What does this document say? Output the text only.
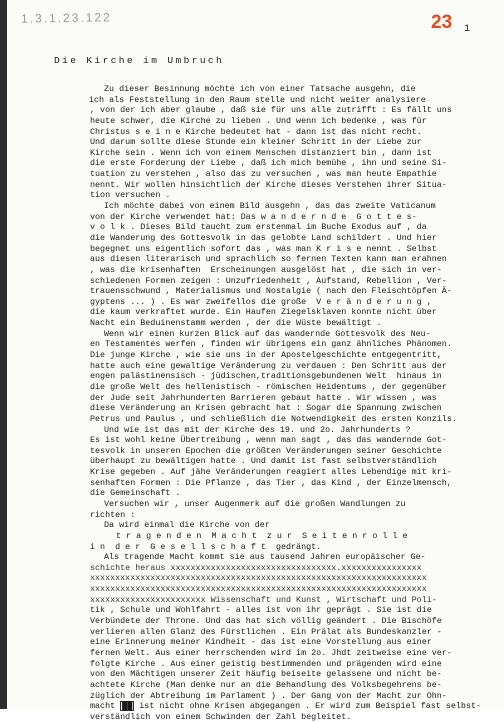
1.3.1.23.122	23 1
Die Kirche im Umbruch
Zu dieser Besinnung möchte ich von einer Tatsache ausgehn, die
ich als Feststellung in den Raum stelle und nicht weiter analysiere
, von der ich aber glaube , daß sie für uns alle zutrifft : Es fällt uns
heute schwer, die Kirche zu lieben . Und wenn ich bedenke , was für
Christus s e i n e Kirche bedeutet hat - dann ist das nicht recht.
Und darum sollte diese Stunde ein kleiner Schritt in der Liebe zur
Kirche sein . Wenn ich von einem Menschen distanziert bin , dann ist
die erste Forderung der Liebe , daß ich mich bemühe , ihn und seine Si-
tuation zu verstehen , also das zu versuchen , was man heute Empathie
nennt. Wir wollen hinsichtlich der Kirche dieses Verstehen ihrer Situa-
tion versuchen .
Ich möchte dabei von einem Bild ausgehn , das das zweite Vaticanum
von der Kirche verwendet hat: Das w a n d e r n d e  G o t t e s-
v o l k . Dieses Bild taucht zum erstenmal im Buche Exodus auf , da
die Wanderung des Gottesvolk in das gelobte Land schildert . Und hier
begegnet uns eigentlich sofort das , was man K r i s e nennt . Selbst
aus diesen literarisch und sprachlich so fernen Texten kann man erahnen
, was die krisenhaften  Erscheinungen ausgelöst hat , die sich in ver-
schiedenen Formen zeigen : Unzufriedenheit , Aufstand, Rebellion , Ver-
trauensschwund , Materialismus und Nostalgie ( nach den Fleischtöpfen Ä-
gyptens ... ) . Es war zweifellos die große  V e r ä n d e r u n g ,
die kaum verkraftet wurde. Ein Haufen Ziegelsklaven konnte nicht über
Nacht ein Beduinenstamm werden , der die Wüste bewältigt .
Wenn wir einen kurzen Blick auf das wandernde Gottesvolk des Neu-
en Testamentes werfen , finden wir übrigens ein ganz ähnliches Phänomen.
Die junge Kirche , wie sie uns in der Apostelgeschichte entgegentritt,
hatte auch eine gewaltige Veränderung zu verdauen : Den Schritt aus der
engen palästinensisch - jüdischen,traditionsgebundenen Welt  hinaus in
die große Welt des hellenistisch - römischen Heidentums , der gegenüber
der Jude seit Jahrhunderten Barrieren gebaut hatte . Wir wissen , was
diese Veränderung an Krisen gebracht hat : Sogar die Spannung zwischen
Petrus und Paulus , und schließlich die Notwendigkeit des ersten Konzils.
Und wie ist das mit der Kirche des 19. und 2o. Jahrhunderts ?
Es ist wohl keine Übertreibung , wenn man sagt , das das wandernde Got-
tesvolk in unseren Epochen die größten Veränderungen seiner Geschichte
überhaupt zu bewältigen hatte . Und damit ist fast selbstverständlich
Krise gegeben . Auf jähe Veränderungen reagiert alles Lebendige mit kri-
senhaften Formen : Die Pflanze , das Tier , das Kind , der Einzelmensch,
die Gemeinschaft .
Versuchen wir , unser Augenmerk auf die großen Wandlungen zu
richten :
Da wird einmal die Kirche von der
t r a g e n d e n  M a c h t  z u r  S e i t e n r o l l e
i n  d e r  G e s e l l s c h a f t  gedrängt.
Als tragende Macht kommt sie aus tausend Jahren europäischer Ge-
schichte heraus xxxxxxxxxxxxxxxxxxxxxxxxxxxxxxxxx.xxxxxxxxxxxxxxxx
xxxxxxxxxxxxxxxxxxxxxxxxxxxxxxxxxxxxxxxxxxxxxxxxxxxxxxxxxxxxxxxxxxx
xxxxxxxxxxxxxxxxxxxxxxxxxxxxxxxxxxxxxxxxxxxxxxxxxxxxxxxxxxxxxxxxxxx
xxxxxxxxxxxxxxxxxxxxxxx Wissenschaft und Kunst , Wirtschaft und Poli-
tik , Schule und Wohlfahrt - alles ist von ihr geprägt . Sie ist die
Verbündete der Throne. Und das hat sich völlig geändert . Die Bischöfe
verlieren allen Glanz des Fürstlichen . Ein Prälat als Bundeskanzler -
eine Erinnerung meiner Kindheit - das ist eine Vorstellung aus einer
fernen Welt. Aus einer herrschenden wird im 2o. Jhdt zeitweise eine ver-
folgte Kirche . Aus einer geistig bestimmenden und prägenden wird eine
von den Mächtigen unserer Zeit häufig beiseite gelassene und nicht be-
achtete Kirche (Man denke nur an die Behandlung des Volksbegehrens be-
züglich der Abtreibung im Parlament ) . Der Gang von der Macht zur Ohn-
macht ██ ist nicht ohne Krisen abgegangen . Er wird zum Beispiel fast selbst-
verständlich von einem Schwinden der Zahl begleitet.
